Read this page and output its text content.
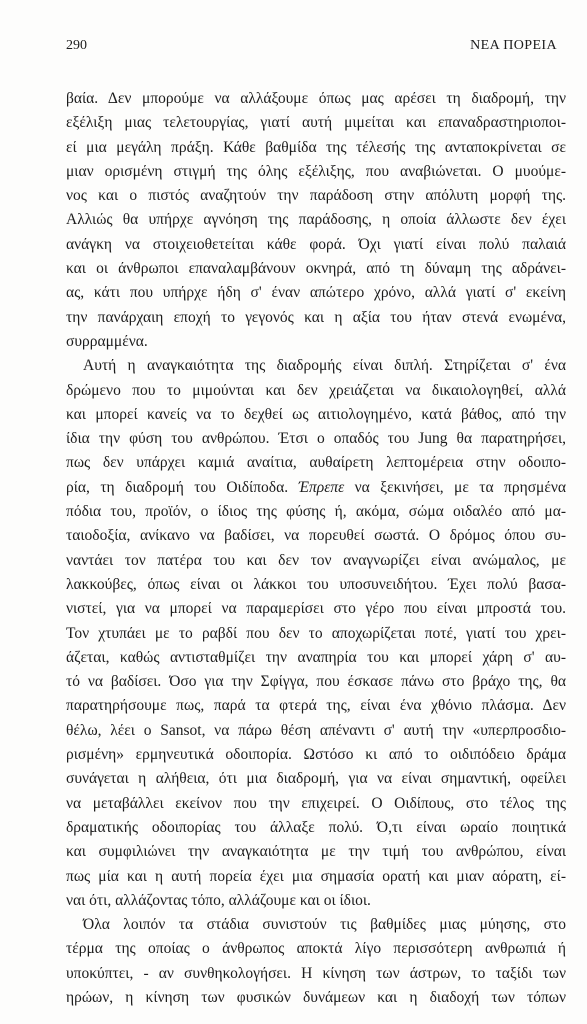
290	ΝΕΑ ΠΟΡΕΙΑ
βαία. Δεν μπορούμε να αλλάξουμε όπως μας αρέσει τη διαδρομή, την
εξέλιξη μιας τελετουργίας, γιατί αυτή μιμείται και επαναδραστηριοποι-
εί μια μεγάλη πράξη. Κάθε βαθμίδα της τέλεσής της ανταποκρίνεται σε
μιαν ορισμένη στιγμή της όλης εξέλιξης, που αναβιώνεται. Ο μυούμε-
νος και ο πιστός αναζητούν την παράδοση στην απόλυτη μορφή της.
Αλλιώς θα υπήρχε αγνόηση της παράδοσης, η οποία άλλωστε δεν έχει
ανάγκη να στοιχειοθετείται κάθε φορά. Όχι γιατί είναι πολύ παλαιά
και οι άνθρωποι επαναλαμβάνουν οκνηρά, από τη δύναμη της αδράνει-
ας, κάτι που υπήρχε ήδη σ' έναν απώτερο χρόνο, αλλά γιατί σ' εκείνη
την πανάρχαιη εποχή το γεγονός και η αξία του ήταν στενά ενωμένα,
συρραμμένα.
Αυτή η αναγκαιότητα της διαδρομής είναι διπλή. Στηρίζεται σ' ένα
δρώμενο που το μιμούνται και δεν χρειάζεται να δικαιολογηθεί, αλλά
και μπορεί κανείς να το δεχθεί ως αιτιολογημένο, κατά βάθος, από την
ίδια την φύση του ανθρώπου. Έτσι ο οπαδός του Jung θα παρατηρήσει,
πως δεν υπάρχει καμιά αναίτια, αυθαίρετη λεπτομέρεια στην οδοιπο-
ρία, τη διαδρομή του Οιδίποδα. Έπρεπε να ξεκινήσει, με τα πρησμένα
πόδια του, προϊόν, ο ίδιος της φύσης ή, ακόμα, σώμα οιδαλέο από μα-
ταιοδοξία, ανίκανο να βαδίσει, να πορευθεί σωστά. Ο δρόμος όπου συ-
ναντάει τον πατέρα του και δεν τον αναγνωρίζει είναι ανώμαλος, με
λακκούβες, όπως είναι οι λάκκοι του υποσυνειδήτου. Έχει πολύ βασα-
νιστεί, για να μπορεί να παραμερίσει στο γέρο που είναι μπροστά του.
Τον χτυπάει με το ραβδί που δεν το αποχωρίζεται ποτέ, γιατί του χρει-
άζεται, καθώς αντισταθμίζει την αναπηρία του και μπορεί χάρη σ' αυ-
τό να βαδίσει. Όσο για την Σφίγγα, που έσκασε πάνω στο βράχο της, θα
παρατηρήσουμε πως, παρά τα φτερά της, είναι ένα χθόνιο πλάσμα. Δεν
θέλω, λέει ο Sansot, να πάρω θέση απέναντι σ' αυτή την «υπερπροσδιο-
ρισμένη» ερμηνευτικά οδοιπορία. Ωστόσο κι από το οιδιπόδειο δράμα
συνάγεται η αλήθεια, ότι μια διαδρομή, για να είναι σημαντική, οφείλει
να μεταβάλλει εκείνον που την επιχειρεί. Ο Οιδίπους, στο τέλος της
δραματικής οδοιπορίας του άλλαξε πολύ. Ό,τι είναι ωραίο ποιητικά
και συμφιλιώνει την αναγκαιότητα με την τιμή του ανθρώπου, είναι
πως μία και η αυτή πορεία έχει μια σημασία ορατή και μιαν αόρατη, εί-
ναι ότι, αλλάζοντας τόπο, αλλάζουμε και οι ίδιοι.
Όλα λοιπόν τα στάδια συνιστούν τις βαθμίδες μιας μύησης, στο
τέρμα της οποίας ο άνθρωπος αποκτά λίγο περισσότερη ανθρωπιά ή
υποκύπτει, - αν συνθηκολογήσει. Η κίνηση των άστρων, το ταξίδι των
ηρώων, η κίνηση των φυσικών δυνάμεων και η διαδοχή των τόπων
